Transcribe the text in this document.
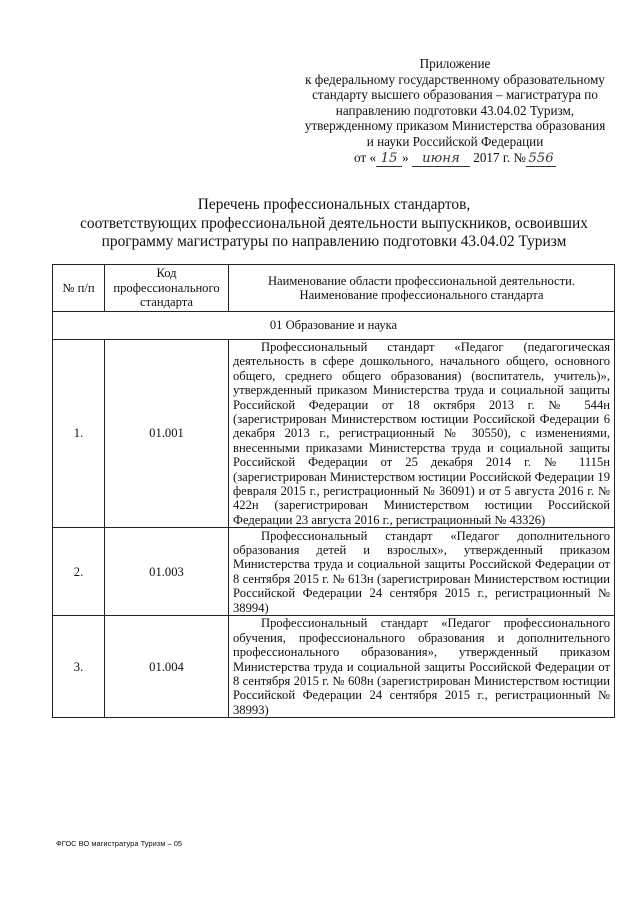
Приложение
к федеральному государственному образовательному
стандарту высшего образования – магистратура по
направлению подготовки 43.04.02 Туризм,
утвержденному приказом Министерства образования
и науки Российской Федерации
от « 15 » июня 2017 г. № 556
Перечень профессиональных стандартов,
соответствующих профессиональной деятельности выпускников, освоивших
программу магистратуры по направлению подготовки 43.04.02 Туризм
№ п/п	Код профессионального стандарта	Наименование области профессиональной деятельности. Наименование профессионального стандарта
01 Образование и наука		
1.	01.001	Профессиональный стандарт «Педагог (педагогическая деятельность в сфере дошкольного, начального общего, основного общего, среднего общего образования) (воспитатель, учитель)», утвержденный приказом Министерства труда и социальной защиты Российской Федерации от 18 октября 2013 г. № 544н (зарегистрирован Министерством юстиции Российской Федерации 6 декабря 2013 г., регистрационный № 30550), с изменениями, внесенными приказами Министерства труда и социальной защиты Российской Федерации от 25 декабря 2014 г. № 1115н (зарегистрирован Министерством юстиции Российской Федерации 19 февраля 2015 г., регистрационный № 36091) и от 5 августа 2016 г. № 422н (зарегистрирован Министерством юстиции Российской Федерации 23 августа 2016 г., регистрационный № 43326)

2.	01.003	Профессиональный стандарт «Педагог дополнительного образования детей и взрослых», утвержденный приказом Министерства труда и социальной защиты Российской Федерации от 8 сентября 2015 г. № 613н (зарегистрирован Министерством юстиции Российской Федерации 24 сентября 2015 г., регистрационный № 38994)

3.	01.004	Профессиональный стандарт «Педагог профессионального обучения, профессионального образования и дополнительного профессионального образования», утвержденный приказом Министерства труда и социальной защиты Российской Федерации от 8 сентября 2015 г. № 608н (зарегистрирован Министерством юстиции Российской Федерации 24 сентября 2015 г., регистрационный № 38993)
ФГОС ВО магистратура Туризм – 05
